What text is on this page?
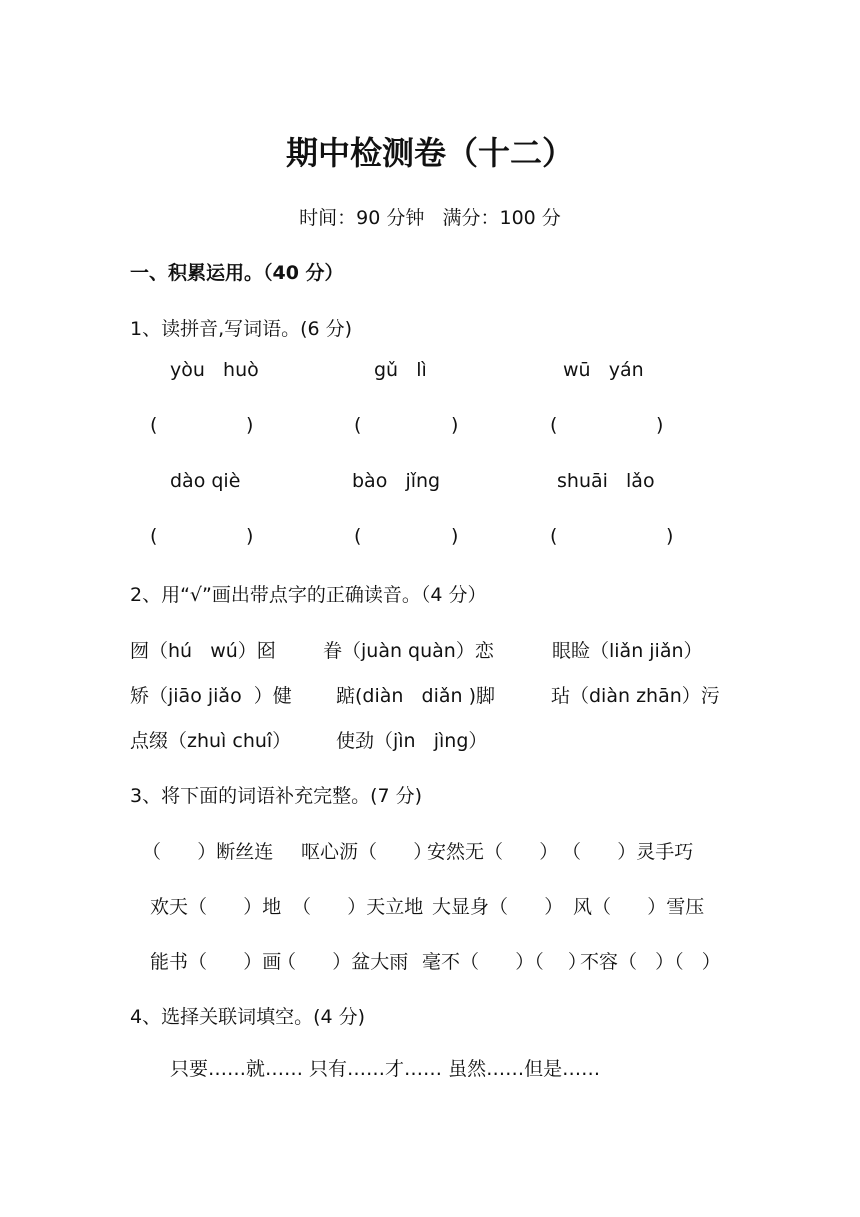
期中检测卷（十二）
时间：90 分钟   满分：100 分
一、积累运用。（40 分）
1、读拼音,写词语。(6 分)
yòu   huò	gǔ   lì	wū   yán
(	)	(	)	(	)
dào qiè	bào   jǐng	shuāi   lǎo
(	)	(	)	(	)
2、用“√”画出带点字的正确读音。（4 分）
囫（hú   wú）囵 眷（juàn quàn）恋	眼睑（liǎn jiǎn）
矫（jiāo jiǎo  ）健 踮(diàn   diǎn )脚	玷（diàn zhān）污
点缀（zhuì chuî） 使劲（jìn   jìng）
3、将下面的词语补充完整。(7 分)
（      ）断丝连 呕心沥（      ）
安然无（      ） （      ）灵手巧
欢天（      ）地 （      ）天立地 大显身（      ） 风（      ）雪压
能书（      ）画
（      ）盆大雨 毫不（      ）（    ）
不容（   ）（   ）
4、选择关联词填空。(4 分)
只要……就…… 只有……才…… 虽然……但是……
